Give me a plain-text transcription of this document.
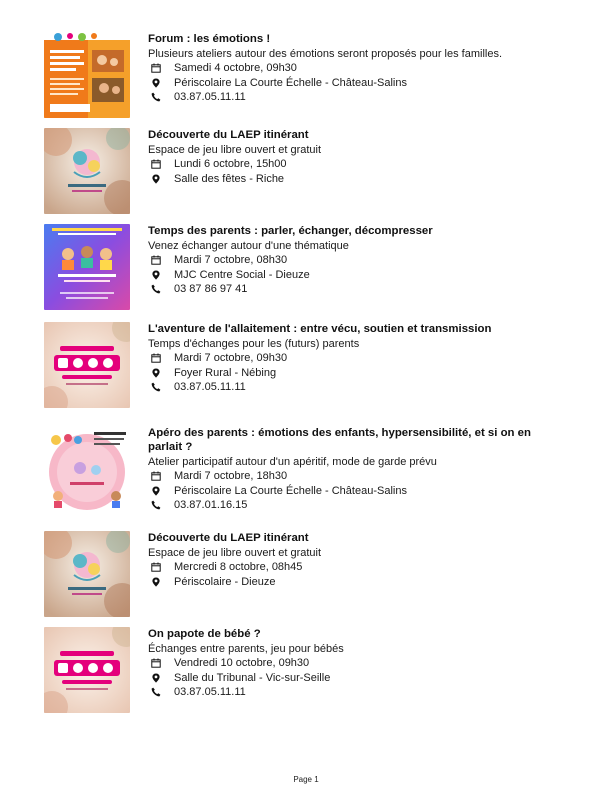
Forum : les émotions !
Plusieurs ateliers autour des émotions seront proposés pour les familles.
Samedi 4 octobre, 09h30
Périscolaire La Courte Échelle - Château-Salins
03.87.05.11.11
Découverte du LAEP itinérant
Espace de jeu libre ouvert et gratuit
Lundi 6 octobre, 15h00
Salle des fêtes - Riche
Temps des parents : parler, échanger, décompresser
Venez échanger autour d'une thématique
Mardi 7 octobre, 08h30
MJC Centre Social - Dieuze
03 87 86 97 41
L'aventure de l'allaitement : entre vécu, soutien et transmission
Temps d'échanges pour les (futurs) parents
Mardi 7 octobre, 09h30
Foyer Rural - Nébing
03.87.05.11.11
Apéro des parents : émotions des enfants, hypersensibilité, et si on en parlait ?
Atelier participatif autour d'un apéritif, mode de garde prévu
Mardi 7 octobre, 18h30
Périscolaire La Courte Échelle - Château-Salins
03.87.01.16.15
Découverte du LAEP itinérant
Espace de jeu libre ouvert et gratuit
Mercredi 8 octobre, 08h45
Périscolaire - Dieuze
On papote de bébé ?
Échanges entre parents, jeu pour bébés
Vendredi 10 octobre, 09h30
Salle du Tribunal - Vic-sur-Seille
03.87.05.11.11
Page 1
